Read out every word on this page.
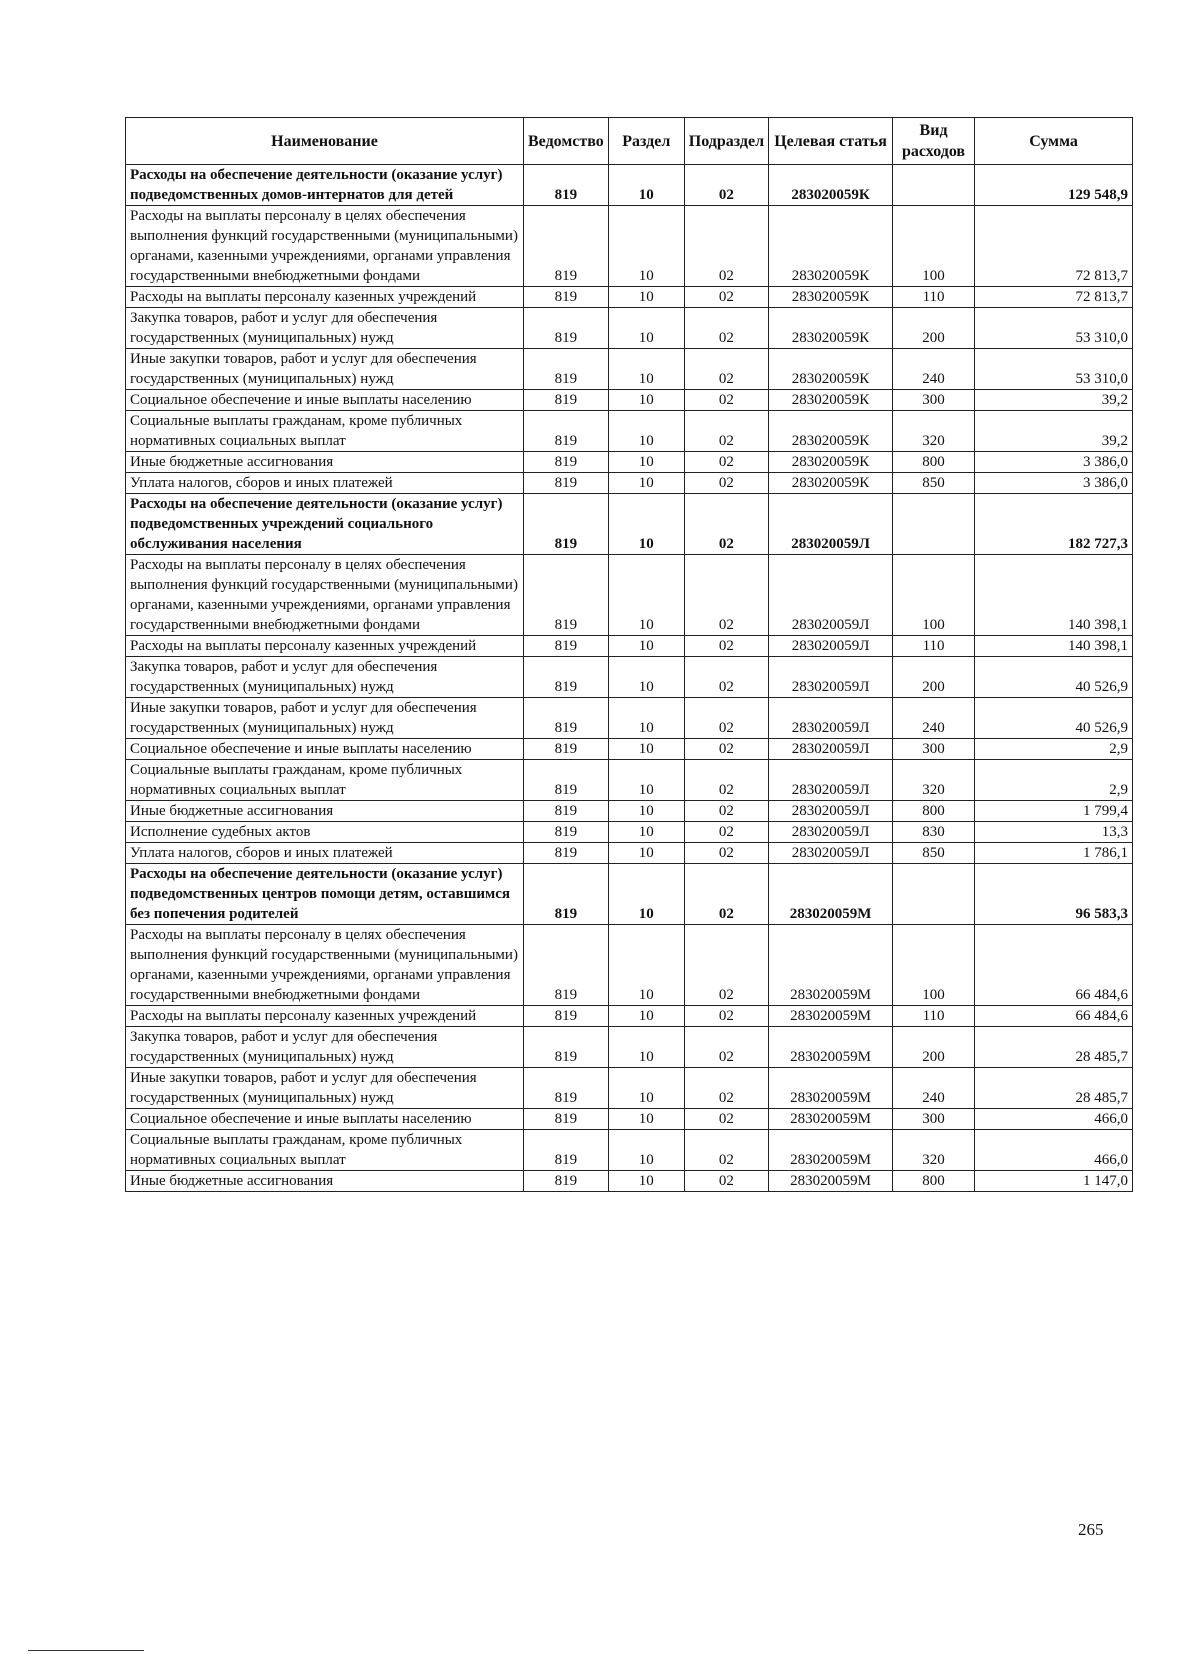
Наименование	Ведомство	Раздел	Подраздел	Целевая статья	Вид расходов	Сумма
Расходы на обеспечение деятельности (оказание услуг) подведомственных домов-интернатов для детей	819	10	02	283020059К		129 548,9
Расходы на выплаты персоналу в целях обеспечения выполнения функций государственными (муниципальными) органами, казенными учреждениями, органами управления государственными внебюджетными фондами	819	10	02	283020059К	100	72 813,7
Расходы на выплаты персоналу казенных учреждений	819	10	02	283020059К	110	72 813,7
Закупка товаров, работ и услуг для обеспечения государственных (муниципальных) нужд	819	10	02	283020059К	200	53 310,0
Иные закупки товаров, работ и услуг для обеспечения государственных (муниципальных) нужд	819	10	02	283020059К	240	53 310,0
Социальное обеспечение и иные выплаты населению	819	10	02	283020059К	300	39,2
Социальные выплаты гражданам, кроме публичных нормативных социальных выплат	819	10	02	283020059К	320	39,2
Иные бюджетные ассигнования	819	10	02	283020059К	800	3 386,0
Уплата налогов, сборов и иных платежей	819	10	02	283020059К	850	3 386,0
Расходы на обеспечение деятельности (оказание услуг) подведомственных учреждений социального обслуживания населения	819	10	02	283020059Л		182 727,3
Расходы на выплаты персоналу в целях обеспечения выполнения функций государственными (муниципальными) органами, казенными учреждениями, органами управления государственными внебюджетными фондами	819	10	02	283020059Л	100	140 398,1
Расходы на выплаты персоналу казенных учреждений	819	10	02	283020059Л	110	140 398,1
Закупка товаров, работ и услуг для обеспечения государственных (муниципальных) нужд	819	10	02	283020059Л	200	40 526,9
Иные закупки товаров, работ и услуг для обеспечения государственных (муниципальных) нужд	819	10	02	283020059Л	240	40 526,9
Социальное обеспечение и иные выплаты населению	819	10	02	283020059Л	300	2,9
Социальные выплаты гражданам, кроме публичных нормативных социальных выплат	819	10	02	283020059Л	320	2,9
Иные бюджетные ассигнования	819	10	02	283020059Л	800	1 799,4
Исполнение судебных актов	819	10	02	283020059Л	830	13,3
Уплата налогов, сборов и иных платежей	819	10	02	283020059Л	850	1 786,1
Расходы на обеспечение деятельности (оказание услуг) подведомственных центров помощи детям, оставшимся без попечения родителей	819	10	02	283020059М		96 583,3
Расходы на выплаты персоналу в целях обеспечения выполнения функций государственными (муниципальными) органами, казенными учреждениями, органами управления государственными внебюджетными фондами	819	10	02	283020059М	100	66 484,6
Расходы на выплаты персоналу казенных учреждений	819	10	02	283020059М	110	66 484,6
Закупка товаров, работ и услуг для обеспечения государственных (муниципальных) нужд	819	10	02	283020059М	200	28 485,7
Иные закупки товаров, работ и услуг для обеспечения государственных (муниципальных) нужд	819	10	02	283020059М	240	28 485,7
Социальное обеспечение и иные выплаты населению	819	10	02	283020059М	300	466,0
Социальные выплаты гражданам, кроме публичных нормативных социальных выплат	819	10	02	283020059М	320	466,0
Иные бюджетные ассигнования	819	10	02	283020059М	800	1 147,0
265
